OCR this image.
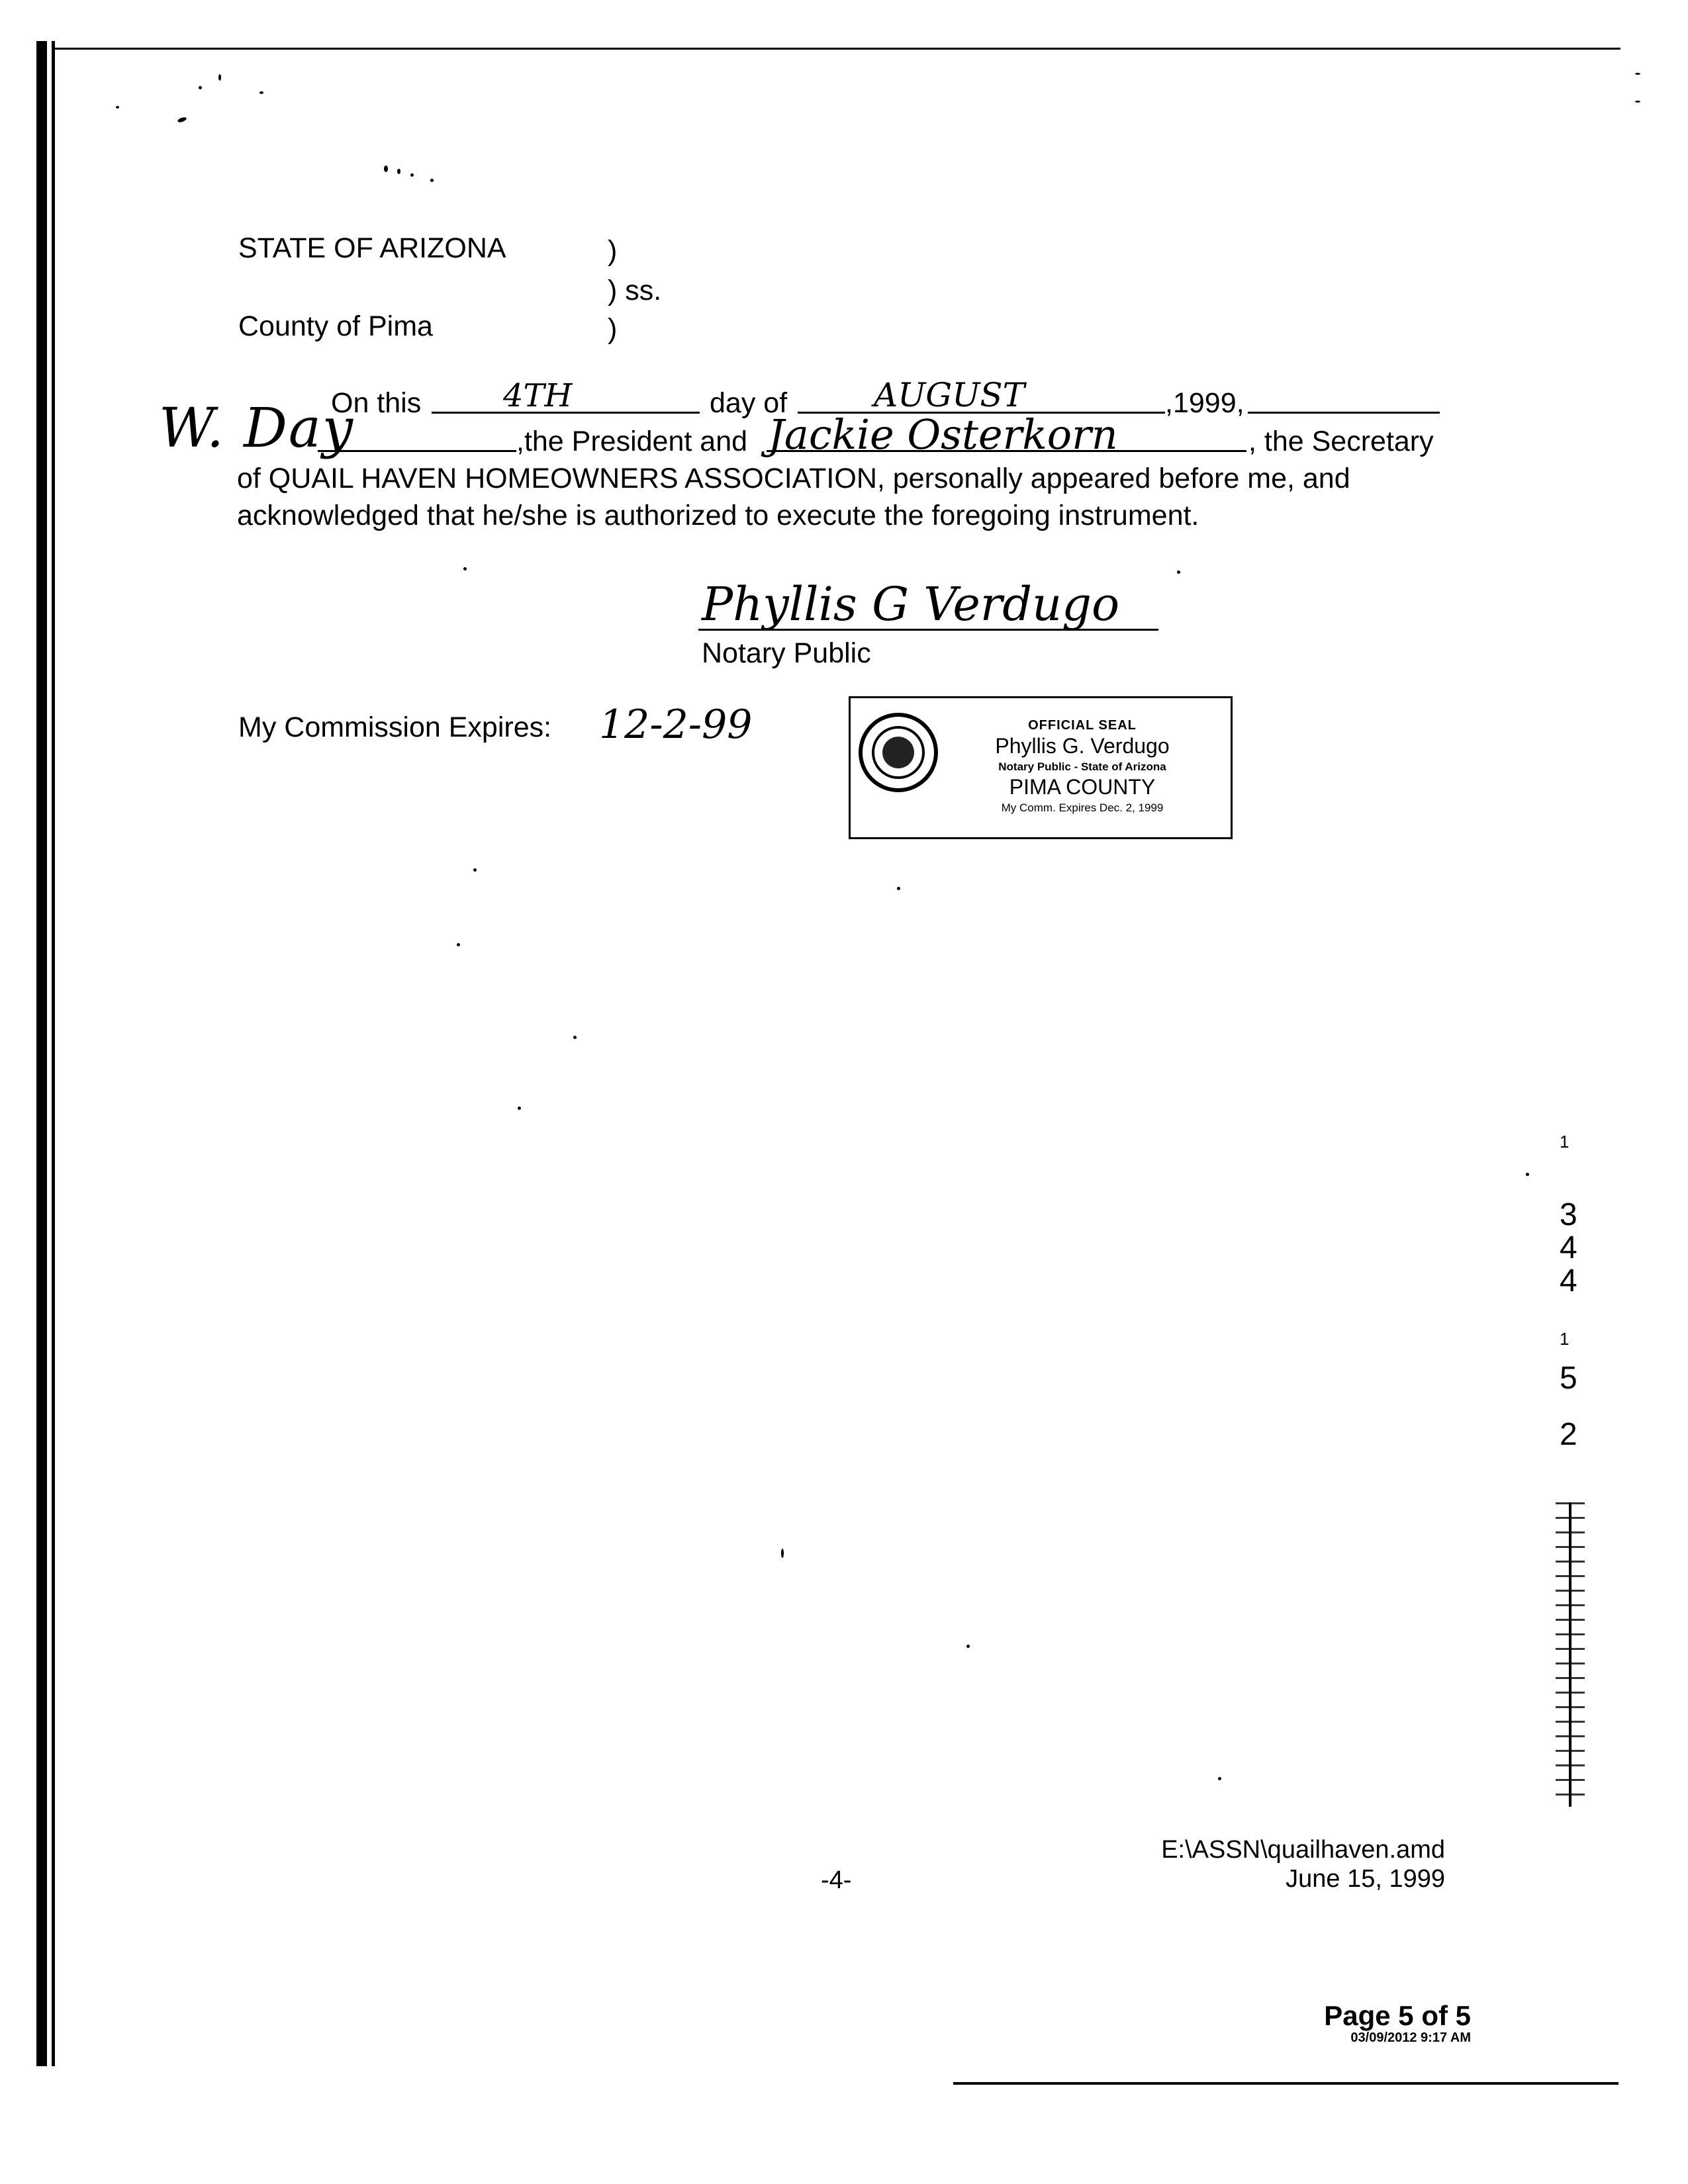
STATE OF ARIZONA	)
) ss.
County of Pima	)
On this	4TH	day of	AUGUST	,1999,
W. Day	,the President and Jackie Osterkorn	, the Secretary
of QUAIL HAVEN HOMEOWNERS ASSOCIATION, personally appeared before me, and
acknowledged that he/she is authorized to execute the foregoing instrument.
Phyllis G Verdugo
Notary Public
My Commission Expires: 12-2-99	OFFICIAL SEAL
Phyllis G. Verdugo
Notary Public - State of Arizona
PIMA COUNTY
My Comm. Expires Dec. 2, 1999
1
3
4
4
1
5
2
-4-
E:\ASSN\quailhaven.amd
June 15, 1999
Page 5 of 5
03/09/2012 9:17 AM
